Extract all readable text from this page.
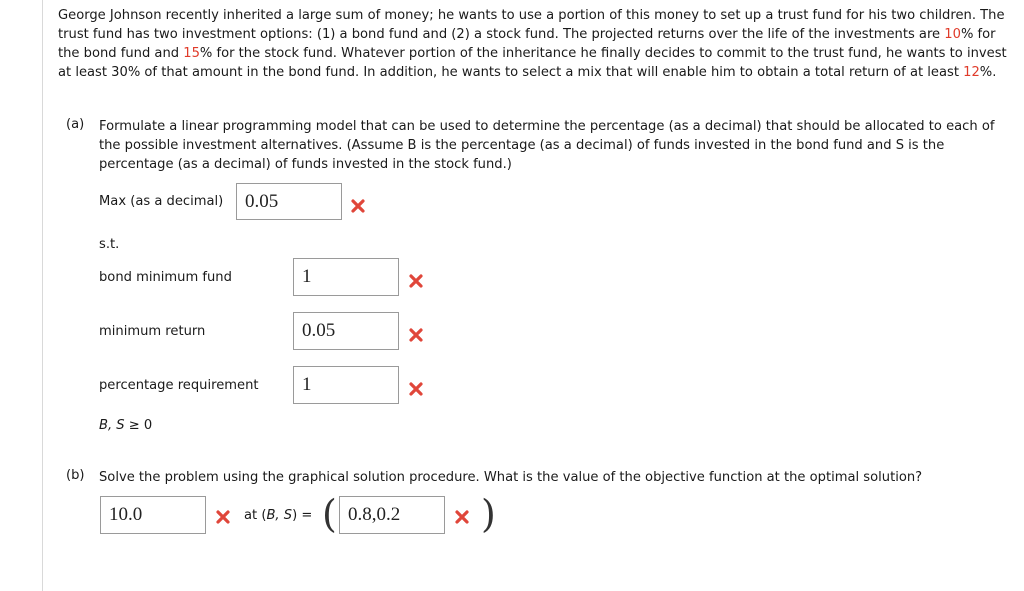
George Johnson recently inherited a large sum of money; he wants to use a portion of this money to set up a trust fund for his two children. The trust fund has two investment options: (1) a bond fund and (2) a stock fund. The projected returns over the life of the investments are 10% for the bond fund and 15% for the stock fund. Whatever portion of the inheritance he finally decides to commit to the trust fund, he wants to invest at least 30% of that amount in the bond fund. In addition, he wants to select a mix that will enable him to obtain a total return of at least 12%.
(a) Formulate a linear programming model that can be used to determine the percentage (as a decimal) that should be allocated to each of the possible investment alternatives. (Assume B is the percentage (as a decimal) of funds invested in the bond fund and S is the percentage (as a decimal) of funds invested in the stock fund.)
Max (as a decimal)	0.05
s.t.
bond minimum fund	1
minimum return	0.05
percentage requirement	1
B, S ≥ 0
(b) Solve the problem using the graphical solution procedure. What is the value of the objective function at the optimal solution?
10.0	at (B, S) = ( 0.8,0.2	)
